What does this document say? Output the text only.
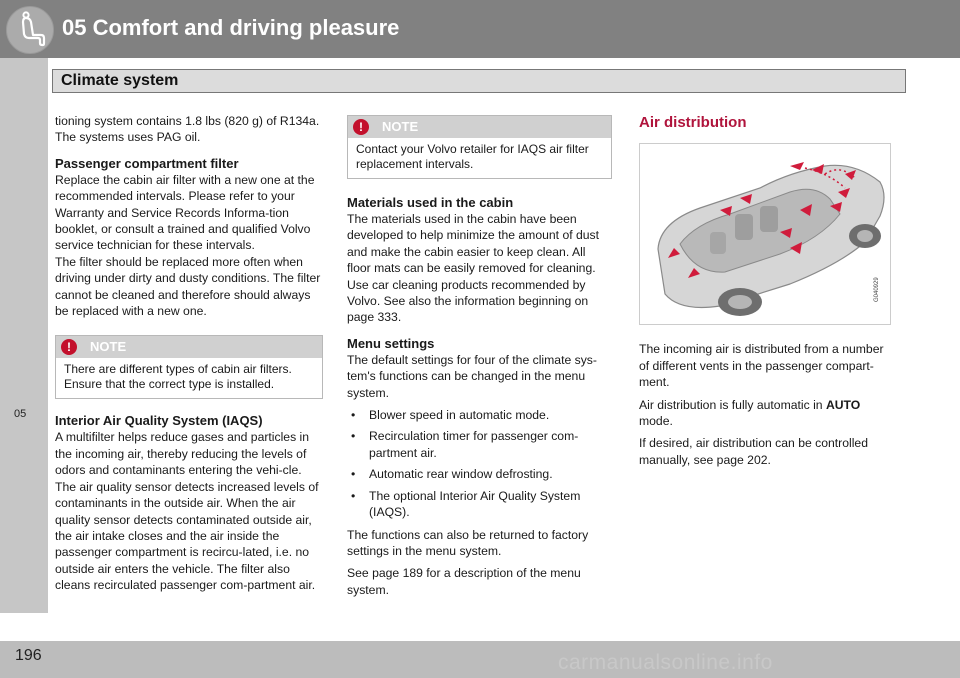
05 Comfort and driving pleasure
Climate system
05

tioning system contains 1.8 lbs (820 g) of R134a. The systems uses PAG oil.

Passenger compartment filter

Replace the cabin air filter with a new one at the recommended intervals. Please refer to your Warranty and Service Records Informa-tion booklet, or consult a trained and qualified Volvo service technician for these intervals.

The filter should be replaced more often when driving under dirty and dusty conditions. The filter cannot be cleaned and therefore should always be replaced with a new one.

!	NOTE
There are different types of cabin air filters. Ensure that the correct type is installed.
Interior Air Quality System (IAQS)

A multifilter helps reduce gases and particles in the incoming air, thereby reducing the levels of odors and contaminants entering the vehi-cle. The air quality sensor detects increased levels of contaminants in the outside air. When the air quality sensor detects contaminated outside air, the air intake closes and the air inside the passenger compartment is recircu-lated, i.e. no outside air enters the vehicle. The filter also cleans recirculated passenger com-partment air.

!	NOTE
Contact your Volvo retailer for IAQS air filter replacement intervals.
Materials used in the cabin

The materials used in the cabin have been developed to help minimize the amount of dust and make the cabin easier to keep clean. All floor mats can be easily removed for cleaning. Use car cleaning products recommended by Volvo. See also the information beginning on page 333.

Menu settings

The default settings for four of the climate sys-tem's functions can be changed in the menu system.

• Blower speed in automatic mode.
• Recirculation timer for passenger com-partment air.
• Automatic rear window defrosting.
• The optional Interior Air Quality System (IAQS).

The functions can also be returned to factory settings in the menu system.

See page 189 for a description of the menu system.

Air distribution
G040929

The incoming air is distributed from a number of different vents in the passenger compart-ment.

Air distribution is fully automatic in AUTO mode.

If desired, air distribution can be controlled manually, see page 202.

196	carmanualsonline.info
